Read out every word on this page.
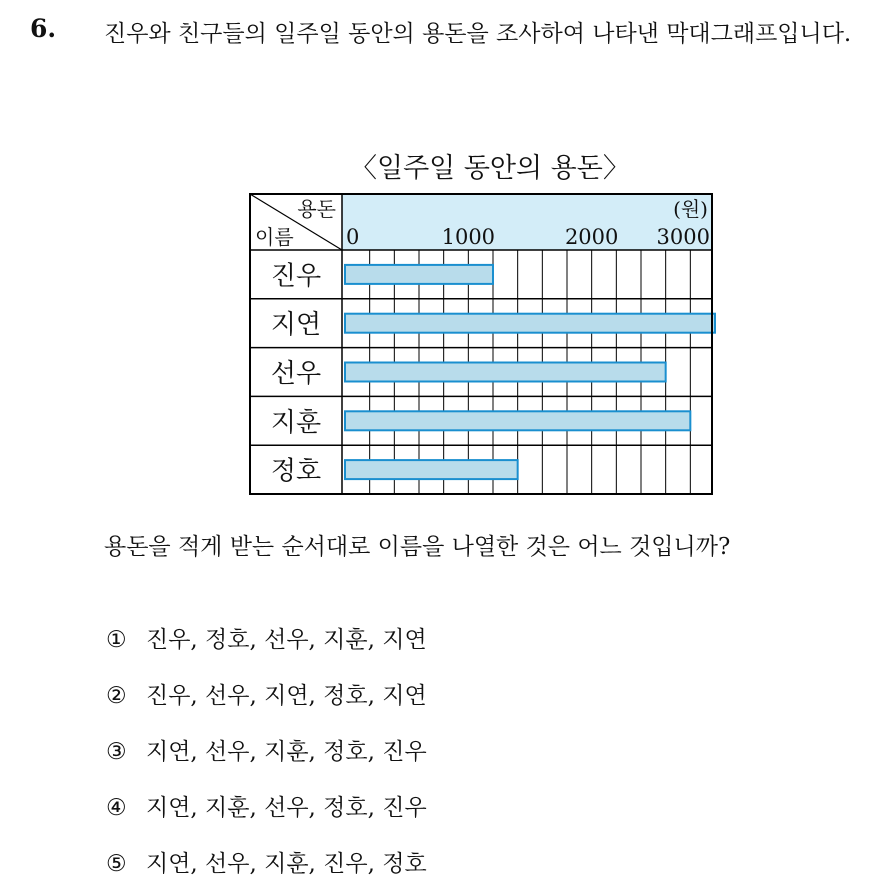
6. 진우와 친구들의 일주일 동안의 용돈을 조사하여 나타낸 막대그래프입니다.
〈일주일 동안의 용돈〉
용돈
이름
(원)
0	1000	2000 3000
진우
지연
선우
지훈
정호
용돈을 적게 받는 순서대로 이름을 나열한 것은 어느 것입니까?
① 진우, 정호, 선우, 지훈, 지연
② 진우, 선우, 지연, 정호, 지연
③ 지연, 선우, 지훈, 정호, 진우
④ 지연, 지훈, 선우, 정호, 진우
⑤ 지연, 선우, 지훈, 진우, 정호
